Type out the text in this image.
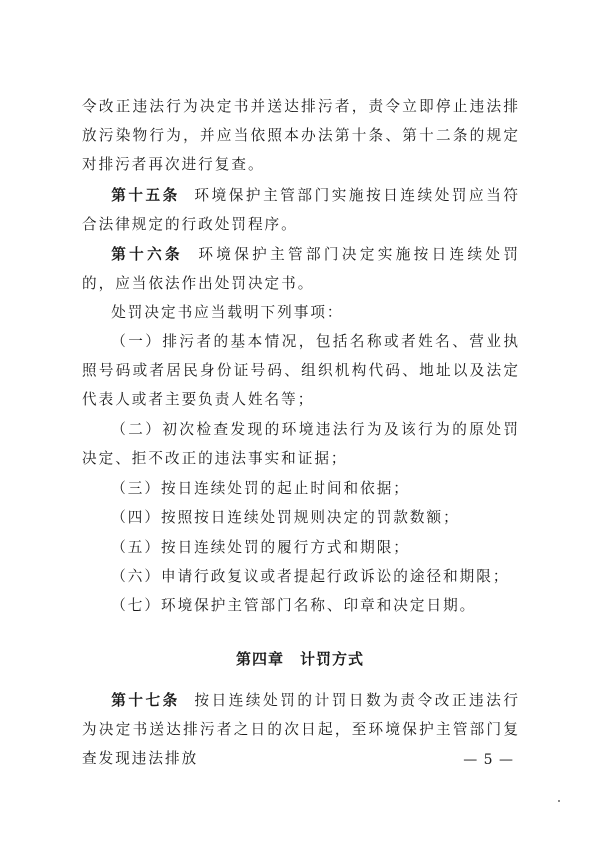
令改正违法行为决定书并送达排污者，责令立即停止违法排放污染物行为，并应当依照本办法第十条、第十二条的规定对排污者再次进行复查。

第十五条 环境保护主管部门实施按日连续处罚应当符合法律规定的行政处罚程序。

第十六条 环境保护主管部门决定实施按日连续处罚的，应当依法作出处罚决定书。

处罚决定书应当载明下列事项：

（一）排污者的基本情况，包括名称或者姓名、营业执照号码或者居民身份证号码、组织机构代码、地址以及法定代表人或者主要负责人姓名等；

（二）初次检查发现的环境违法行为及该行为的原处罚决定、拒不改正的违法事实和证据；

（三）按日连续处罚的起止时间和依据；

（四）按照按日连续处罚规则决定的罚款数额；

（五）按日连续处罚的履行方式和期限；

（六）申请行政复议或者提起行政诉讼的途径和期限；

（七）环境保护主管部门名称、印章和决定日期。

第四章 计罚方式

第十七条 按日连续处罚的计罚日数为责令改正违法行为决定书送达排污者之日的次日起，至环境保护主管部门复查发现违法排放	— 5 —
